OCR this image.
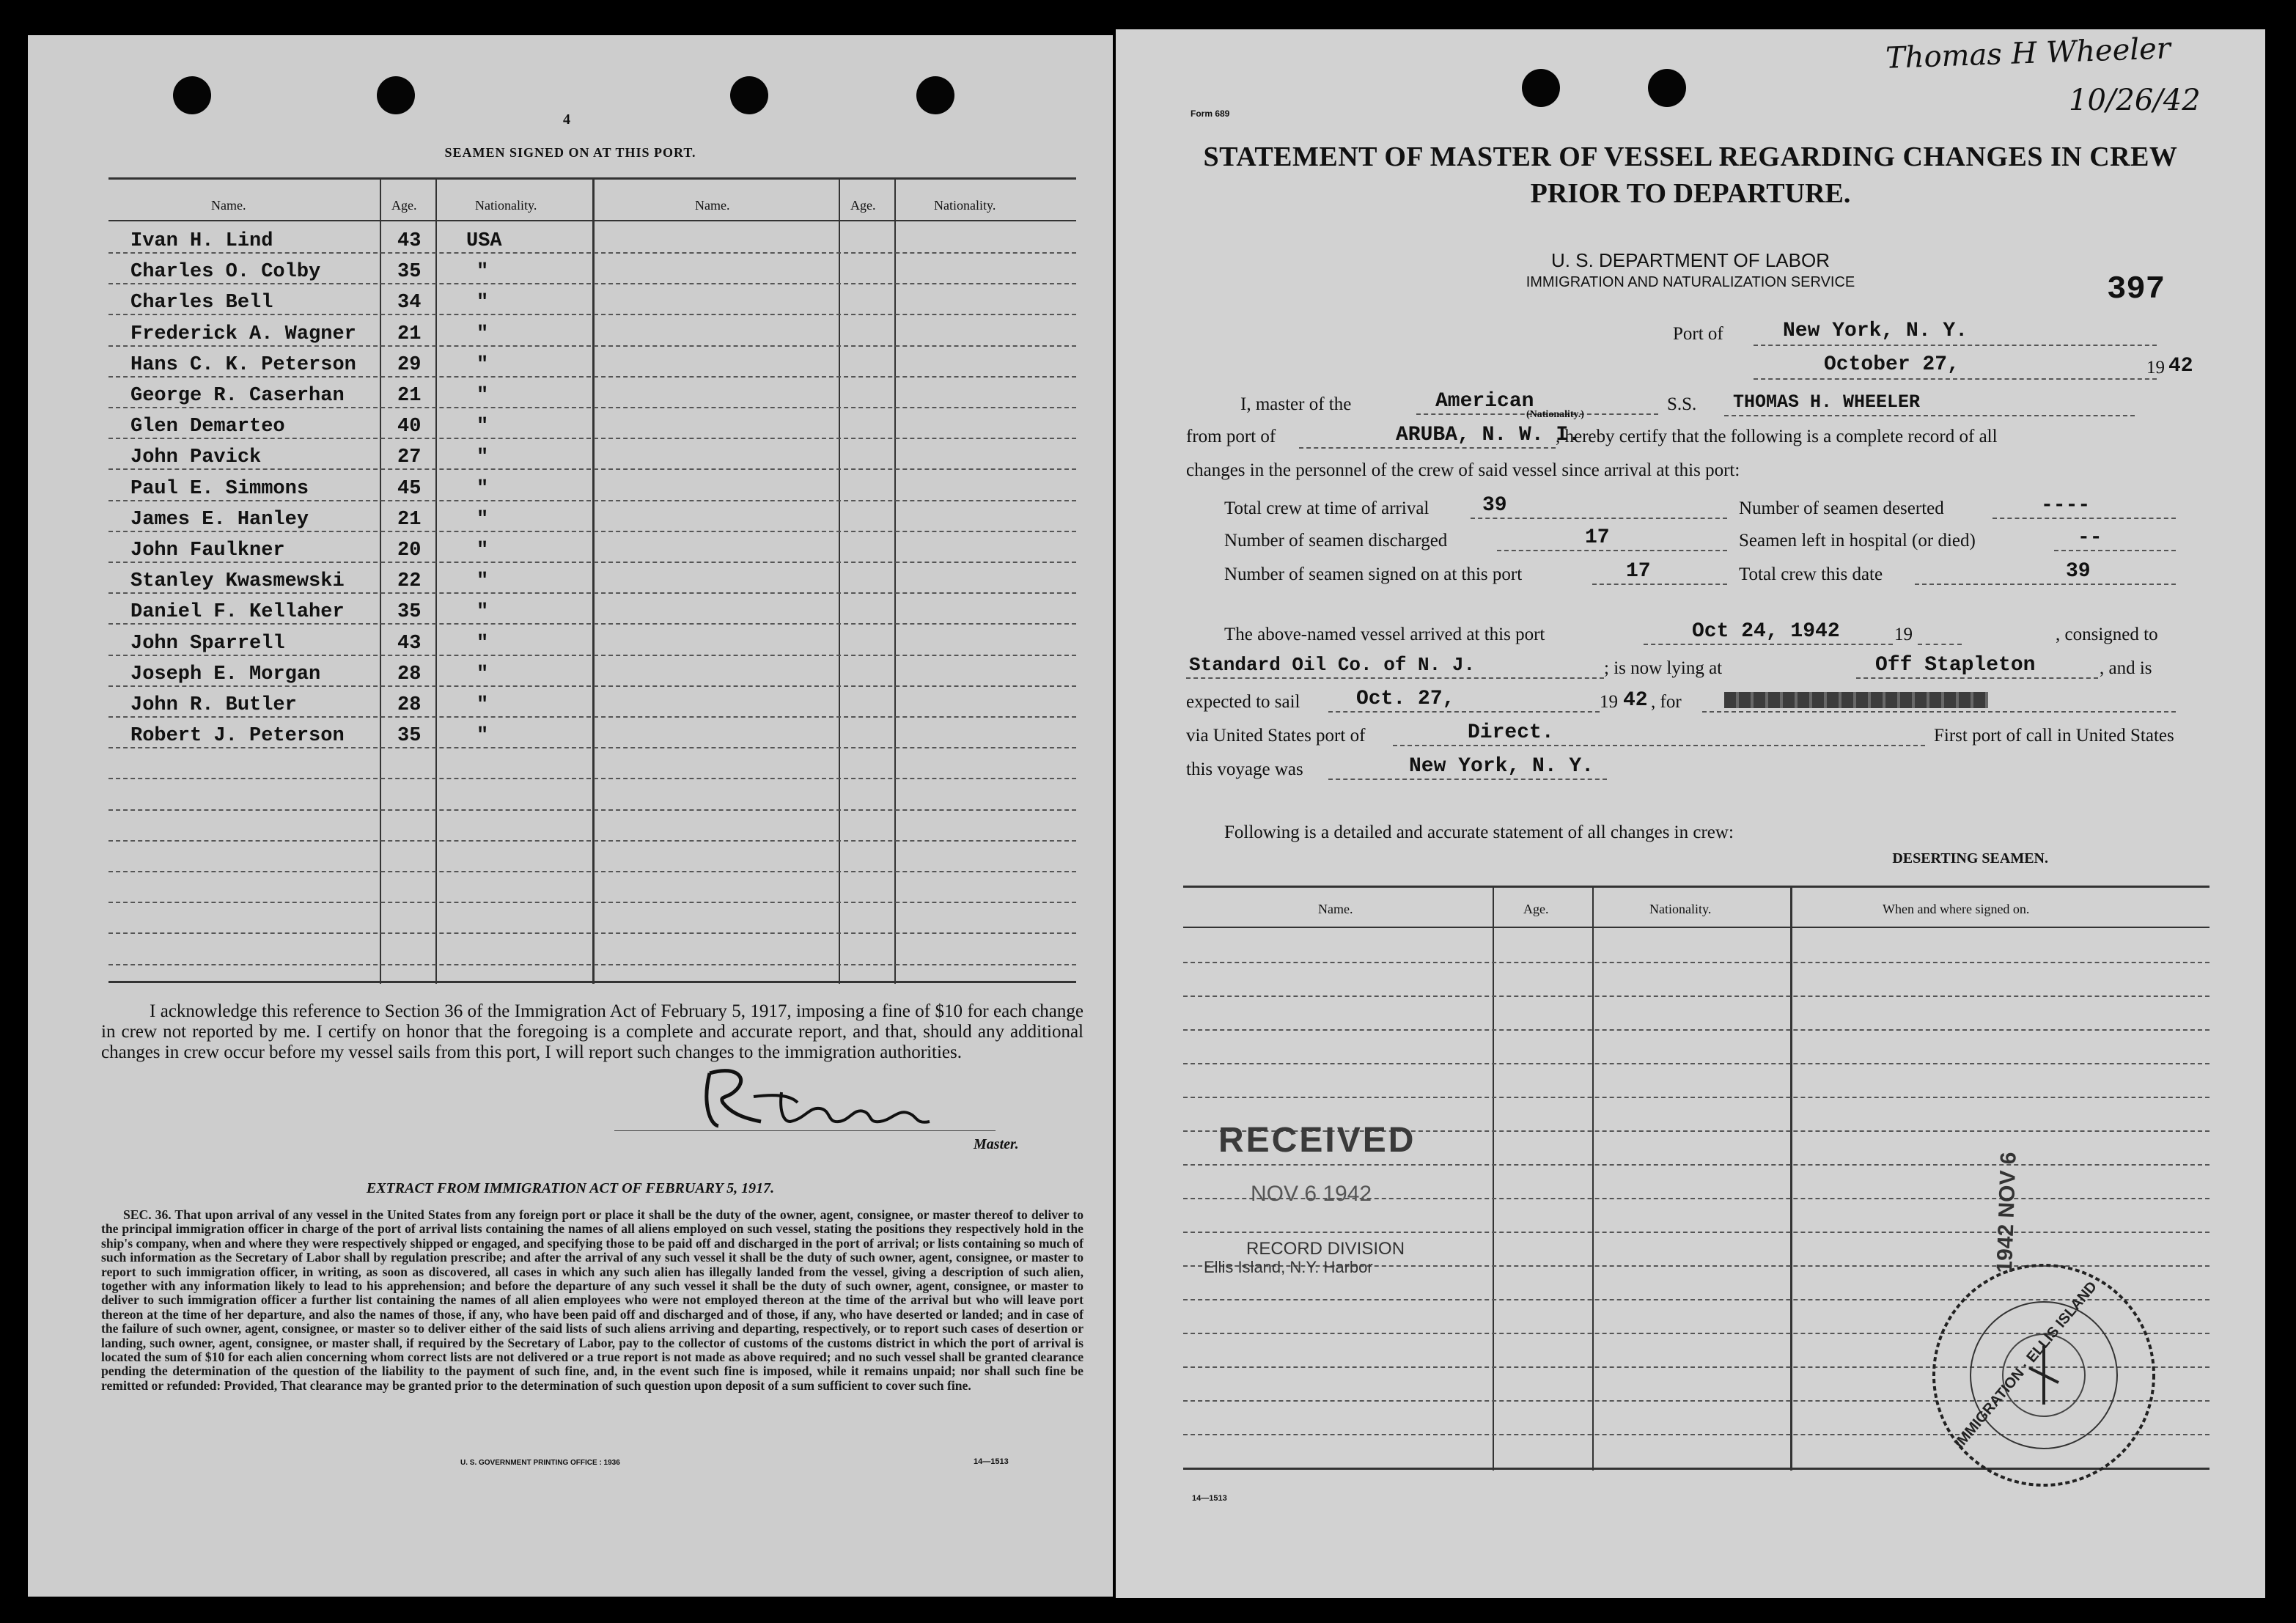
4
SEAMEN SIGNED ON AT THIS PORT.
Name.	Age.	Nationality.	Name.	Age.	Nationality.
Ivan H. Lind	43 USA
Charles O. Colby	35	"
Charles Bell	34	"
Frederick A. Wagner 21	"
Hans C. K. Peterson 29	"
George R. Caserhan	21	"
Glen Demarteo	40	"
John Pavick	27	"
Paul E. Simmons	45	"
James E. Hanley	21	"
John Faulkner	20	"
Stanley Kwasmewski	22	"
Daniel F. Kellaher	35	"
John Sparrell	43	"
Joseph E. Morgan	28	"
John R. Butler	28	"
Robert J. Peterson	35	"
I acknowledge this reference to Section 36 of the Immigration Act of February 5, 1917, imposing a fine of $10 for each change in crew not reported by me. I certify on honor that the foregoing is a complete and accurate report, and that, should any additional changes in crew occur before my vessel sails from this port, I will report such changes to the immigration authorities.
Master.
EXTRACT FROM IMMIGRATION ACT OF FEBRUARY 5, 1917.
SEC. 36. That upon arrival of any vessel in the United States from any foreign port or place it shall be the duty of the owner, agent, consignee, or master thereof to deliver to the principal immigration officer in charge of the port of arrival lists containing the names of all aliens employed on such vessel, stating the positions they respectively hold in the ship's company, when and where they were respectively shipped or engaged, and specifying those to be paid off and discharged in the port of arrival; or lists containing so much of such information as the Secretary of Labor shall by regulation prescribe; and after the arrival of any such vessel it shall be the duty of such owner, agent, consignee, or master to report to such immigration officer, in writing, as soon as discovered, all cases in which any such alien has illegally landed from the vessel, giving a description of such alien, together with any information likely to lead to his apprehension; and before the departure of any such vessel it shall be the duty of such owner, agent, consignee, or master to deliver to such immigration officer a further list containing the names of all alien employees who were not employed thereon at the time of the arrival but who will leave port thereon at the time of her departure, and also the names of those, if any, who have been paid off and discharged and of those, if any, who have deserted or landed; and in case of the failure of such owner, agent, consignee, or master so to deliver either of the said lists of such aliens arriving and departing, respectively, or to report such cases of desertion or landing, such owner, agent, consignee, or master shall, if required by the Secretary of Labor, pay to the collector of customs of the customs district in which the port of arrival is located the sum of $10 for each alien concerning whom correct lists are not delivered or a true report is not made as above required; and no such vessel shall be granted clearance pending the determination of the question of the liability to the payment of such fine, and, in the event such fine is imposed, while it remains unpaid; nor shall such fine be remitted or refunded: Provided, That clearance may be granted prior to the determination of such question upon deposit of a sum sufficient to cover such fine.
U. S. GOVERNMENT PRINTING OFFICE : 1936	14—1513
Thomas H Wheeler
10/26/42
Form 689
STATEMENT OF MASTER OF VESSEL REGARDING CHANGES IN CREW
PRIOR TO DEPARTURE.
U. S. DEPARTMENT OF LABOR
IMMIGRATION AND NATURALIZATION SERVICE	397
Port of	New York, N. Y.
October 27,	19 42
I, master of the	American
(Nationality.)
S.S. THOMAS H. WHEELER
from port of	ARUBA, N. W. I.
, hereby certify that the following is a complete record of all
changes in the personnel of the crew of said vessel since arrival at this port:
Total crew at time of arrival	39	Number of seamen deserted	----
Number of seamen discharged	17	Seamen left in hospital (or died)	--
Number of seamen signed on at this port	17	Total crew this date	39
The above-named vessel arrived at this port	Oct 24, 1942	19	, consigned to
Standard Oil Co. of N. J.	; is now lying at	Off Stapleton	, and is
expected to sail	Oct. 27,	19 42 , for
via United States port of	Direct.	First port of call in United States
this voyage was	New York, N. Y.
Following is a detailed and accurate statement of all changes in crew:
DESERTING SEAMEN.
Name.	Age.	Nationality.	When and where signed on.
RECEIVED
NOV 6 1942
RECORD DIVISION
Ellis Island, N.Y. Harbor	1942 NOV 6
IMMIGRATION · ELLIS ISLAND
14—1513
